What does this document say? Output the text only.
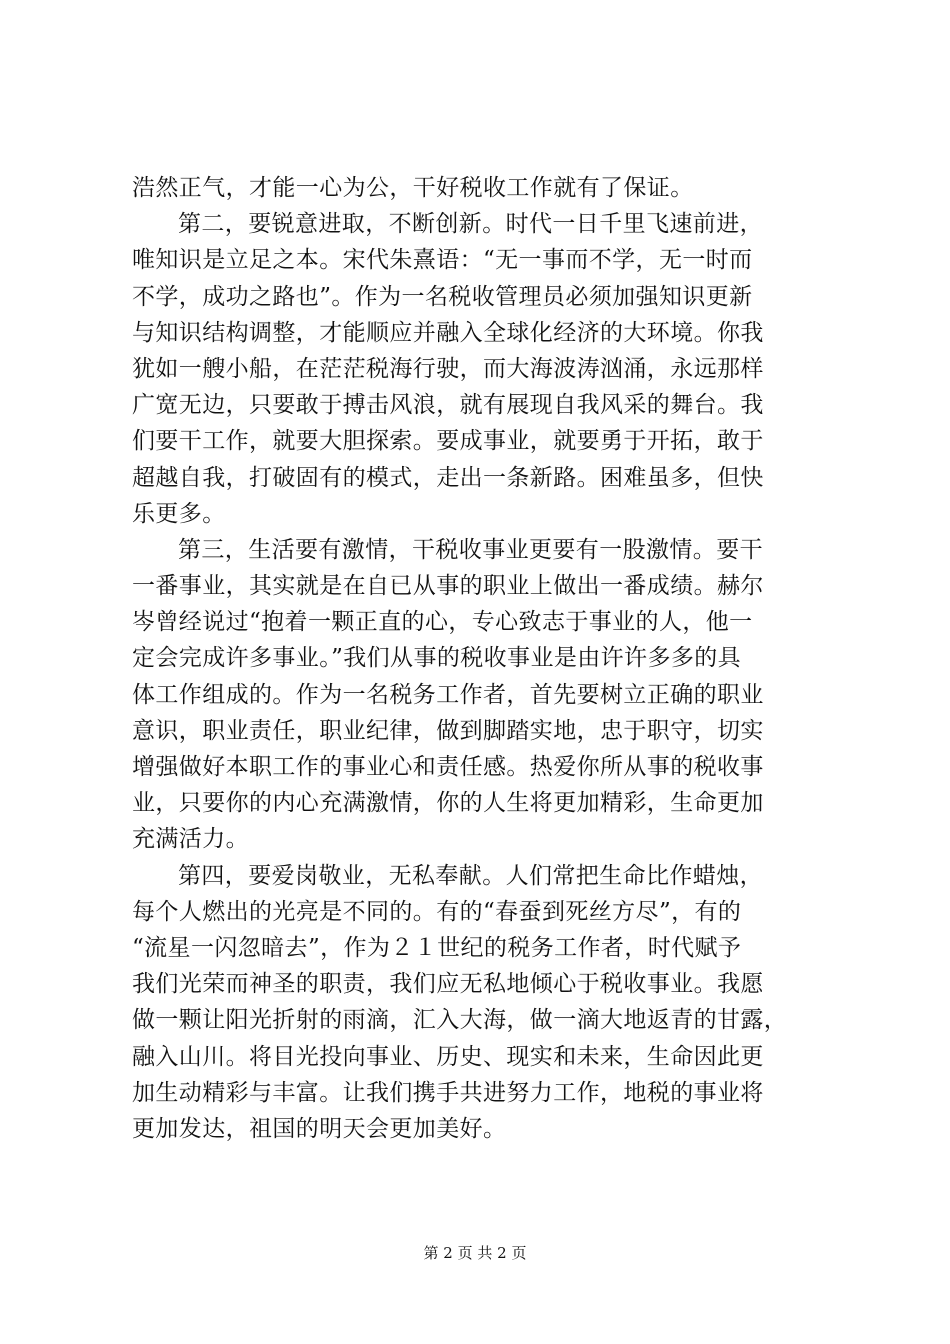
浩然正气，才能一心为公，干好税收工作就有了保证。
第二，要锐意进取，不断创新。时代一日千里飞速前进，
唯知识是立足之本。宋代朱熹语：“无一事而不学，无一时而
不学，成功之路也”。作为一名税收管理员必须加强知识更新
与知识结构调整，才能顺应并融入全球化经济的大环境。你我
犹如一艘小船，在茫茫税海行驶，而大海波涛汹涌，永远那样
广宽无边，只要敢于搏击风浪，就有展现自我风采的舞台。我
们要干工作，就要大胆探索。要成事业，就要勇于开拓，敢于
超越自我，打破固有的模式，走出一条新路。困难虽多，但快
乐更多。
第三，生活要有激情，干税收事业更要有一股激情。要干
一番事业，其实就是在自已从事的职业上做出一番成绩。赫尔
岑曾经说过“抱着一颗正直的心，专心致志于事业的人，他一
定会完成许多事业。”我们从事的税收事业是由许许多多的具
体工作组成的。作为一名税务工作者，首先要树立正确的职业
意识，职业责任，职业纪律，做到脚踏实地，忠于职守，切实
增强做好本职工作的事业心和责任感。热爱你所从事的税收事
业，只要你的内心充满激情，你的人生将更加精彩，生命更加
充满活力。
第四，要爱岗敬业，无私奉献。人们常把生命比作蜡烛，
每个人燃出的光亮是不同的。有的“春蚕到死丝方尽”，有的
“流星一闪忽暗去”，作为２１世纪的税务工作者，时代赋予
我们光荣而神圣的职责，我们应无私地倾心于税收事业。我愿
做一颗让阳光折射的雨滴，汇入大海，做一滴大地返青的甘露，
融入山川。将目光投向事业、历史、现实和未来，生命因此更
加生动精彩与丰富。让我们携手共进努力工作，地税的事业将
更加发达，祖国的明天会更加美好。
第 2 页 共 2 页
